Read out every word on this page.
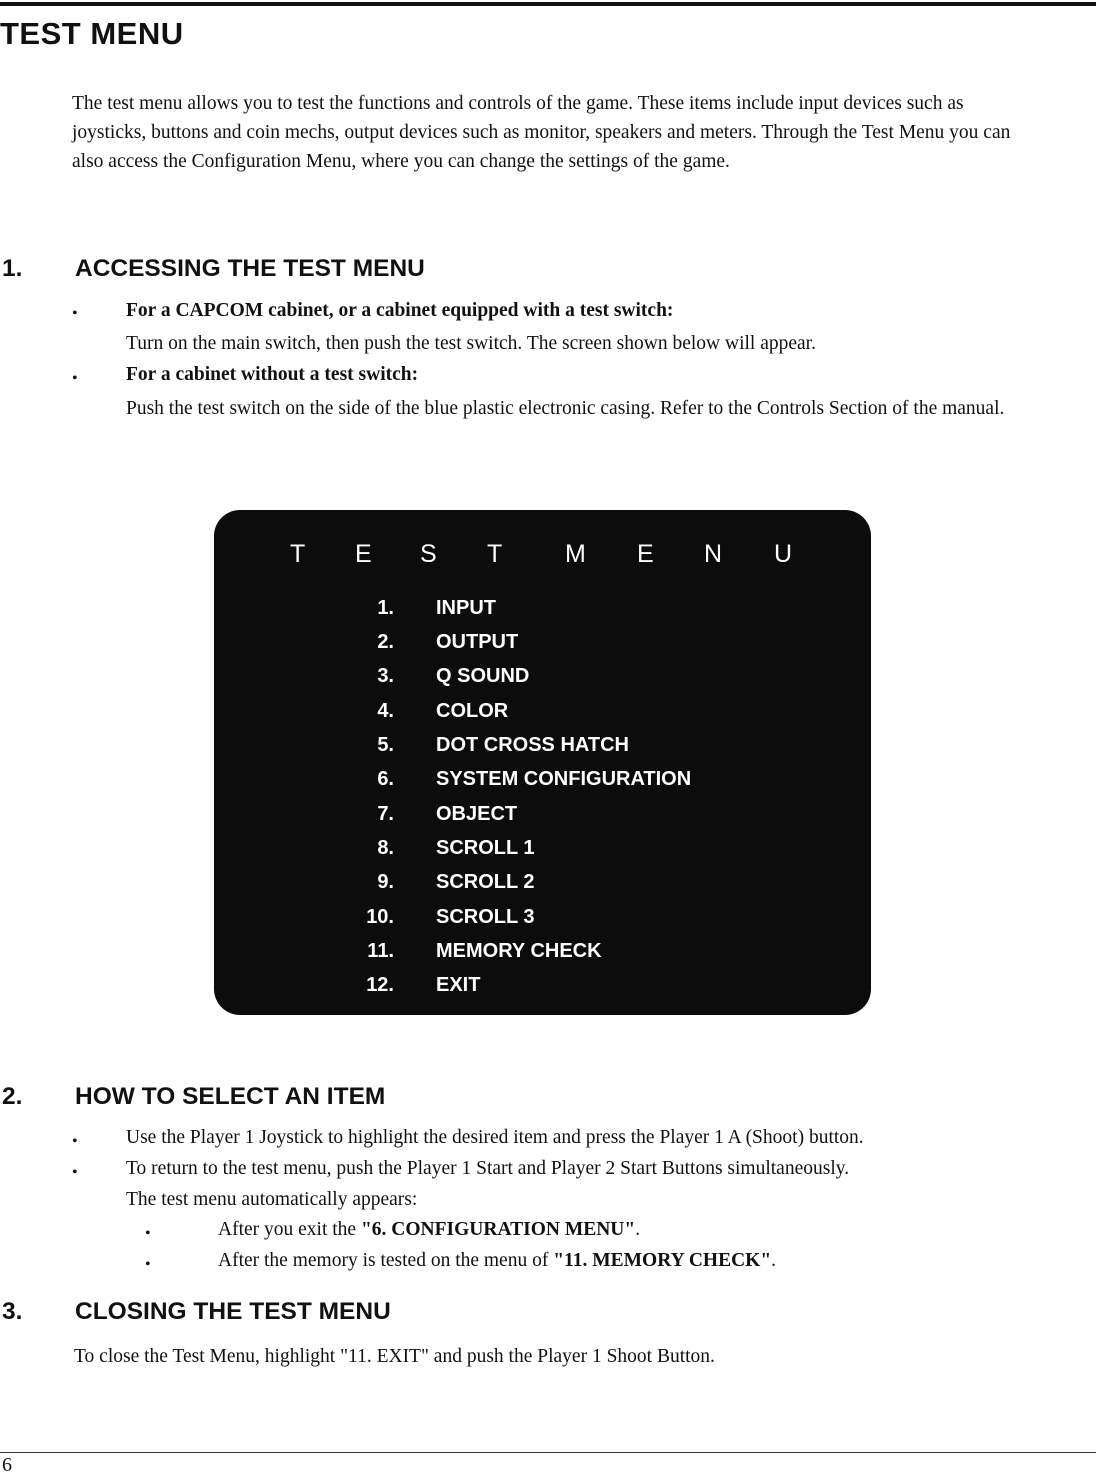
TEST MENU

The test menu allows you to test the functions and controls of the game. These items include input devices such as joysticks, buttons and coin mechs, output devices such as monitor, speakers and meters. Through the Test Menu you can also access the Configuration Menu, where you can change the settings of the game.

1. ACCESSING THE TEST MENU
• For a CAPCOM cabinet, or a cabinet equipped with a test switch:
Turn on the main switch, then push the test switch. The screen shown below will appear.
• For a cabinet without a test switch:

Push the test switch on the side of the blue plastic electronic casing. Refer to the Controls Section of the manual.

T E S T	M E N U
1. INPUT
2. OUTPUT
3. Q SOUND
4. COLOR
5. DOT CROSS HATCH
6. SYSTEM CONFIGURATION
7. OBJECT
8. SCROLL 1
9. SCROLL 2
10. SCROLL 3
11. MEMORY CHECK
12. EXIT
2. HOW TO SELECT AN ITEM
• Use the Player 1 Joystick to highlight the desired item and press the Player 1 A (Shoot) button.
• To return to the test menu, push the Player 1 Start and Player 2 Start Buttons simultaneously.
The test menu automatically appears:
•	After you exit the "6. CONFIGURATION MENU".
•	After the memory is tested on the menu of "11. MEMORY CHECK".
3. CLOSING THE TEST MENU
To close the Test Menu, highlight "11. EXIT" and push the Player 1 Shoot Button.
6
